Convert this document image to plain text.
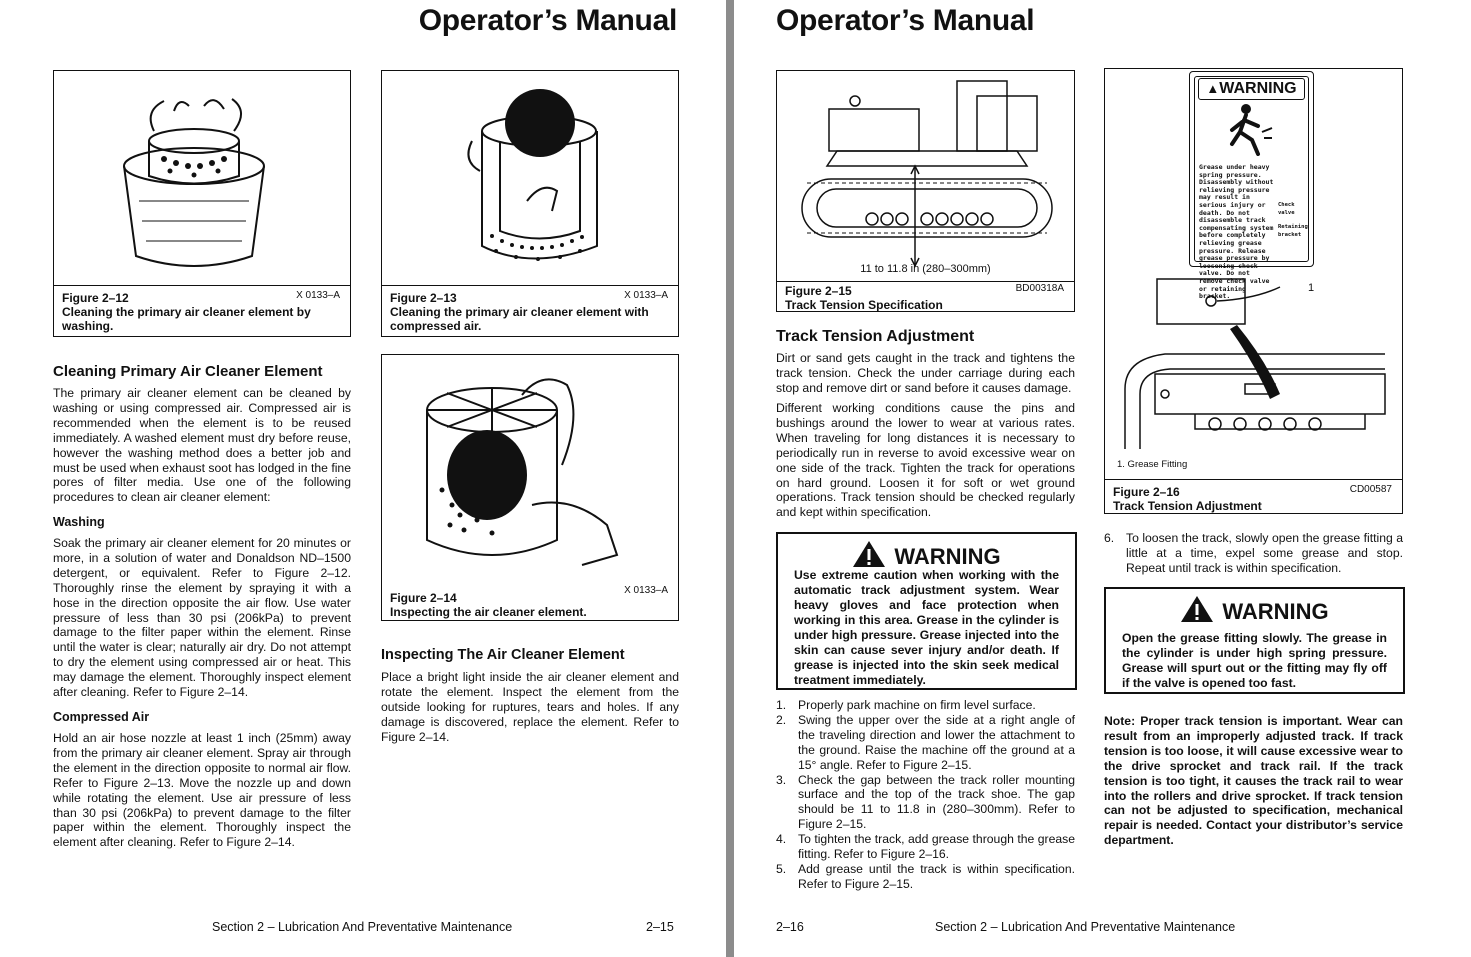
Operator’s Manual
Figure 2–12	X 0133–A
Cleaning the primary air cleaner element by washing.
Figure 2–13	X 0133–A
Cleaning the primary air cleaner element with compressed air.
X 0133–A
Figure 2–14
Inspecting the air cleaner element.
Cleaning Primary Air Cleaner Element
The primary air cleaner element can be cleaned by washing or using compressed air. Compressed air is recommended when the element is to be reused immediately. A washed element must dry before reuse, however the washing method does a better job and must be used when exhaust soot has lodged in the fine pores of filter media. Use one of the following procedures to clean air cleaner element:
Washing
Soak the primary air cleaner element for 20 minutes or more, in a solution of water and Donaldson ND–1500 detergent, or equivalent. Refer to Figure 2–12. Thoroughly rinse the element by spraying it with a hose in the direction opposite the air flow. Use water pressure of less than 30 psi (206kPa) to prevent damage to the filter paper within the element. Rinse until the water is clear; naturally air dry. Do not attempt to dry the element using compressed air or heat. This may damage the element. Thoroughly inspect element after cleaning. Refer to Figure 2–14.
Compressed Air
Hold an air hose nozzle at least 1 inch (25mm) away from the primary air cleaner element. Spray air through the element in the direction opposite to normal air flow. Refer to Figure 2–13. Move the nozzle up and down while rotating the element. Use air pressure of less than 30 psi (206kPa) to prevent damage to the filter paper within the element. Thoroughly inspect the element after cleaning. Refer to Figure 2–14.
Inspecting The Air Cleaner Element
Place a bright light inside the air cleaner element and rotate the element. Inspect the element from the outside looking for ruptures, tears and holes. If any damage is discovered, replace the element. Refer to Figure 2–14.
Section 2 – Lubrication And Preventative Maintenance	2–15
Operator’s Manual
11 to 11.8 in (280–300mm)
Figure 2–15	BD00318A
Track Tension Specification
▲WARNING
Grease under heavy spring pressure. Disassembly without relieving pressure may result in serious injury or death. Do not disassemble track compensating system before completely relieving grease pressure. Release grease pressure by loosening check valve. Do not remove check valve or retaining bracket.
Check valve
Retaining bracket
1
1. Grease Fitting
Figure 2–16	CD00587
Track Tension Adjustment
Track Tension Adjustment
Dirt or sand gets caught in the track and tightens the track tension. Check the under carriage during each stop and remove dirt or sand before it causes damage.
Different working conditions cause the pins and bushings around the lower to wear at various rates. When traveling for long distances it is necessary to periodically run in reverse to avoid excessive wear on one side of the track. Tighten the track for operations on hard ground. Loosen it for soft or wet ground operations. Track tension should be checked regularly and kept within specification.
WARNING
Use extreme caution when working with the automatic track adjustment system. Wear heavy gloves and face protection when working in this area. Grease in the cylinder is under high pressure. Grease injected into the skin can cause sever injury and/or death. If grease is injected into the skin seek medical treatment immediately.
1. Properly park machine on firm level surface.
2. Swing the upper over the side at a right angle of the traveling direction and lower the attachment to the ground. Raise the machine off the ground at a 15° angle. Refer to Figure 2–15.
3. Check the gap between the track roller mounting surface and the top of the track shoe. The gap should be 11 to 11.8 in (280–300mm). Refer to Figure 2–15.
4. To tighten the track, add grease through the grease fitting. Refer to Figure 2–16.
5. Add grease until the track is within specification. Refer to Figure 2–15.
6. To loosen the track, slowly open the grease fitting a little at a time, expel some grease and stop. Repeat until track is within specification.
WARNING
Open the grease fitting slowly. The grease in the cylinder is under high spring pressure. Grease will spurt out or the fitting may fly off if the valve is opened too fast.
Note: Proper track tension is important. Wear can result from an improperly adjusted track. If track tension is too loose, it will cause excessive wear to the drive sprocket and track rail. If the track tension is too tight, it causes the track rail to wear into the rollers and drive sprocket. If track tension can not be adjusted to specification, mechanical repair is needed. Contact your distributor’s service department.
2–16	Section 2 – Lubrication And Preventative Maintenance
